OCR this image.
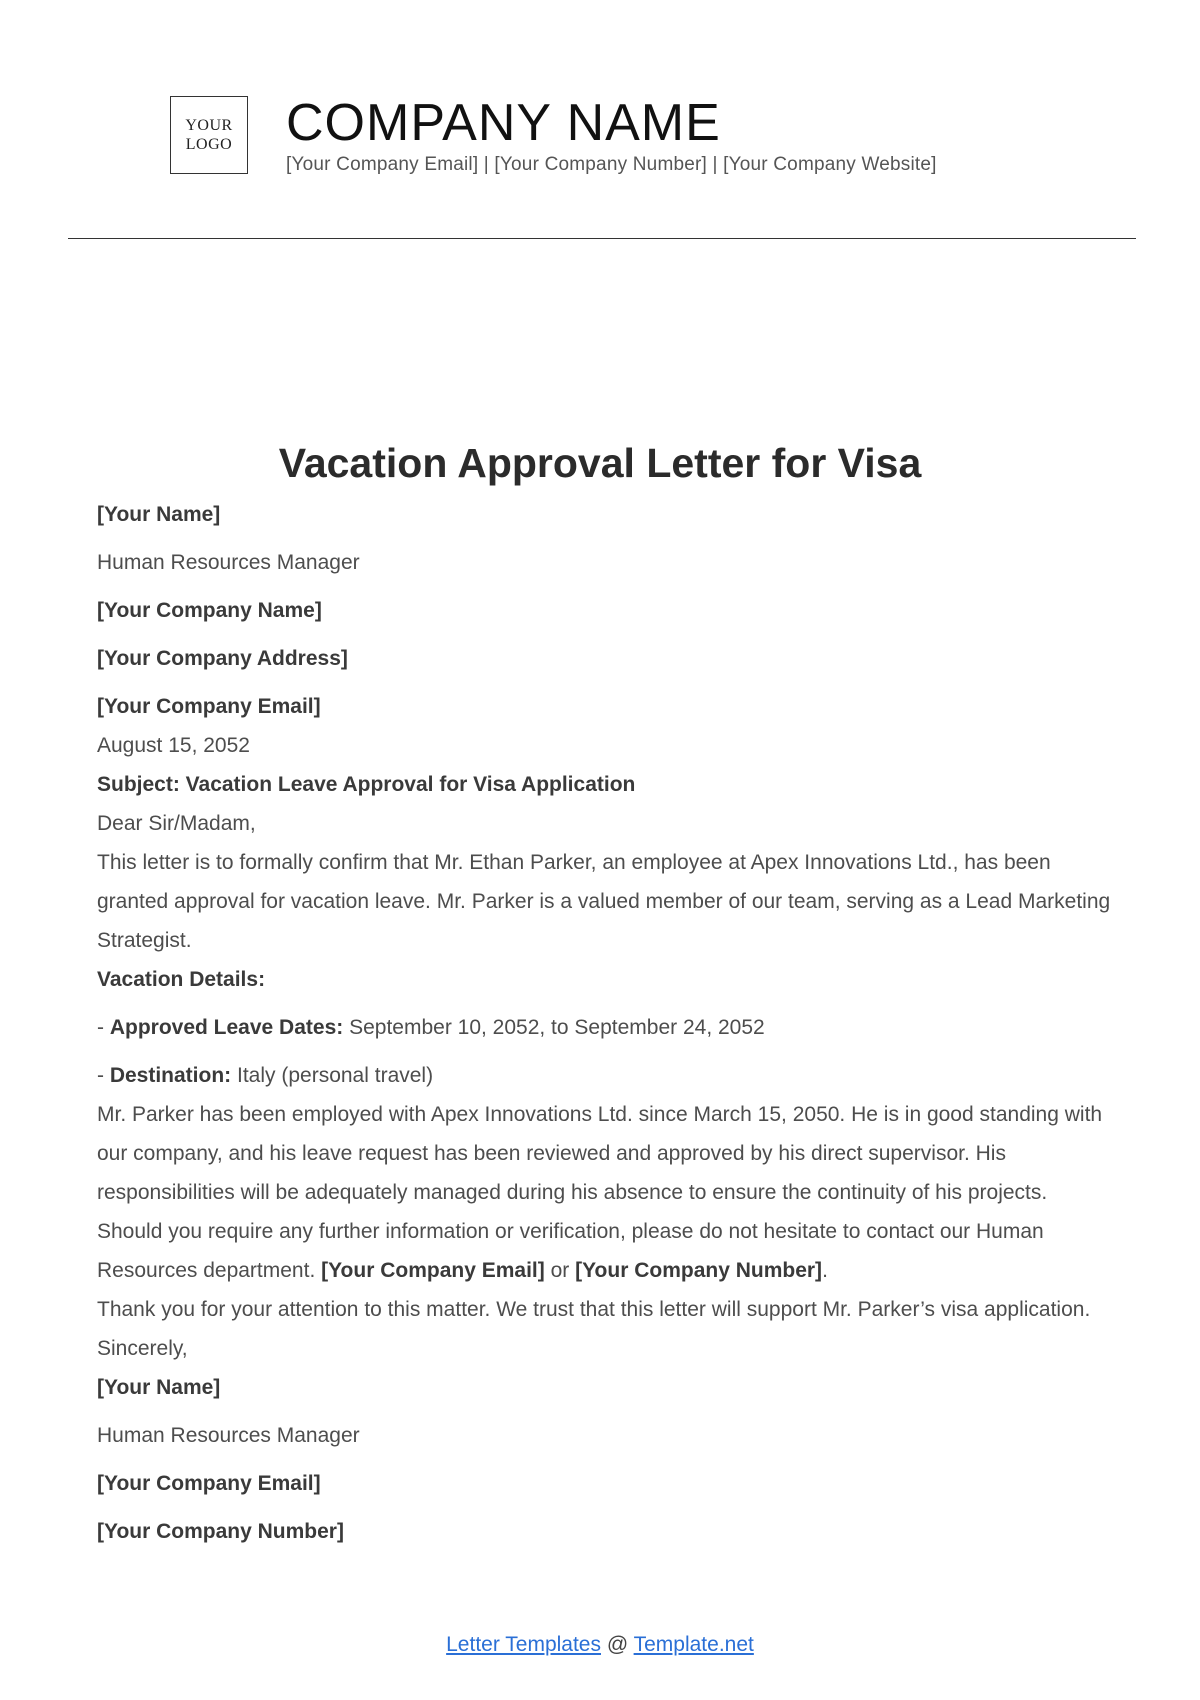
YOUR
LOGO COMPANY NAME
[Your Company Email] | [Your Company Number] | [Your Company Website]
Vacation Approval Letter for Visa

[Your Name]

Human Resources Manager

[Your Company Name]

[Your Company Address]

[Your Company Email]

August 15, 2052

Subject: Vacation Leave Approval for Visa Application

Dear Sir/Madam,

This letter is to formally confirm that Mr. Ethan Parker, an employee at Apex Innovations Ltd., has been granted approval for vacation leave. Mr. Parker is a valued member of our team, serving as a Lead Marketing Strategist.

Vacation Details:

- Approved Leave Dates: September 10, 2052, to September 24, 2052

- Destination: Italy (personal travel)

Mr. Parker has been employed with Apex Innovations Ltd. since March 15, 2050. He is in good standing with our company, and his leave request has been reviewed and approved by his direct supervisor. His responsibilities will be adequately managed during his absence to ensure the continuity of his projects.

Should you require any further information or verification, please do not hesitate to contact our Human Resources department. [Your Company Email] or [Your Company Number].

Thank you for your attention to this matter. We trust that this letter will support Mr. Parker’s visa application.

Sincerely,

[Your Name]

Human Resources Manager

[Your Company Email]

[Your Company Number]

Letter Templates @ Template.net
